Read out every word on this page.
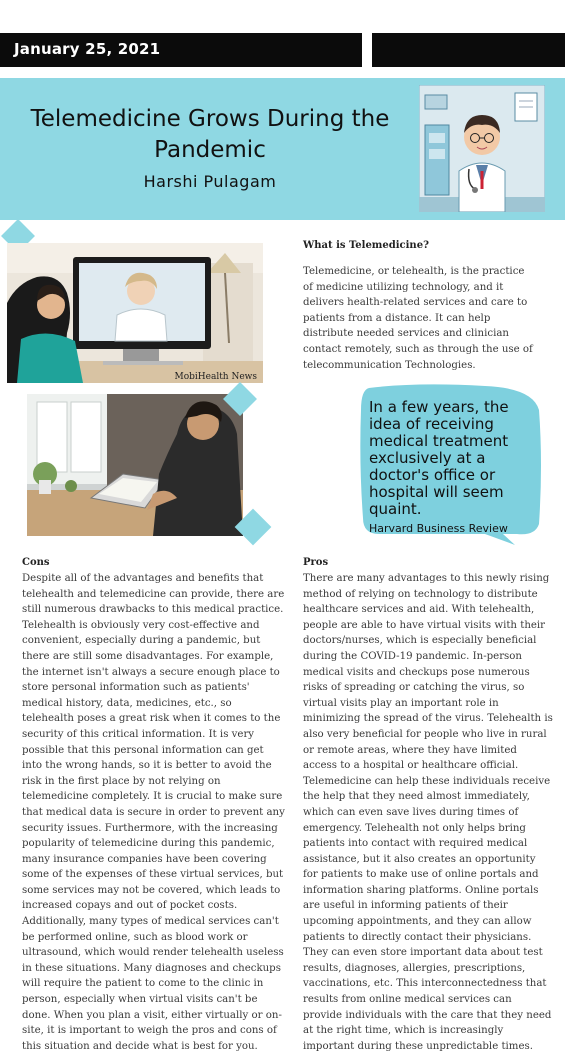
January 25, 2021
Telemedicine Grows During the Pandemic
Harshi Pulagam
MobiHealth News
What is Telemedicine?
Telemedicine, or telehealth, is the practice of medicine utilizing technology, and it delivers health-related services and care to patients from a distance. It can help distribute needed services and clinician contact remotely, such as through the use of telecommunication Technologies.
In a few years, the idea of receiving medical treatment exclusively at a doctor's office or hospital will seem quaint.
Harvard Business Review
Cons
Despite all of the advantages and benefits that telehealth and telemedicine can provide, there are still numerous drawbacks to this medical practice. Telehealth is obviously very cost-effective and convenient, especially during a pandemic, but there are still some disadvantages. For example, the internet isn't always a secure enough place to store personal information such as patients' medical history, data, medicines, etc., so telehealth poses a great risk when it comes to the security of this critical information. It is very possible that this personal information can get into the wrong hands, so it is better to avoid the risk in the first place by not relying on telemedicine completely. It is crucial to make sure that medical data is secure in order to prevent any security issues. Furthermore, with the increasing popularity of telemedicine during this pandemic, many insurance companies have been covering some of the expenses of these virtual services, but some services may not be covered, which leads to increased copays and out of pocket costs. Additionally, many types of medical services can't be performed online, such as blood work or ultrasound, which would render telehealth useless in these situations. Many diagnoses and checkups will require the patient to come to the clinic in person, especially when virtual visits can't be done. When you plan a visit, either virtually or on-site, it is important to weigh the pros and cons of this situation and decide what is best for you.
Pros
There are many advantages to this newly rising method of relying on technology to distribute healthcare services and aid. With telehealth, people are able to have virtual visits with their doctors/nurses, which is especially beneficial during the COVID-19 pandemic. In-person medical visits and checkups pose numerous risks of spreading or catching the virus, so virtual visits play an important role in minimizing the spread of the virus. Telehealth is also very beneficial for people who live in rural or remote areas, where they have limited access to a hospital or healthcare official. Telemedicine can help these individuals receive the help that they need almost immediately, which can even save lives during times of emergency. Telehealth not only helps bring patients into contact with required medical assistance, but it also creates an opportunity for patients to make use of online portals and information sharing platforms. Online portals are useful in informing patients of their upcoming appointments, and they can allow patients to directly contact their physicians. They can even store important data about test results, diagnoses, allergies, prescriptions, vaccinations, etc. This interconnectedness that results from online medical services can provide individuals with the care that they need at the right time, which is increasingly important during these unpredictable times.
